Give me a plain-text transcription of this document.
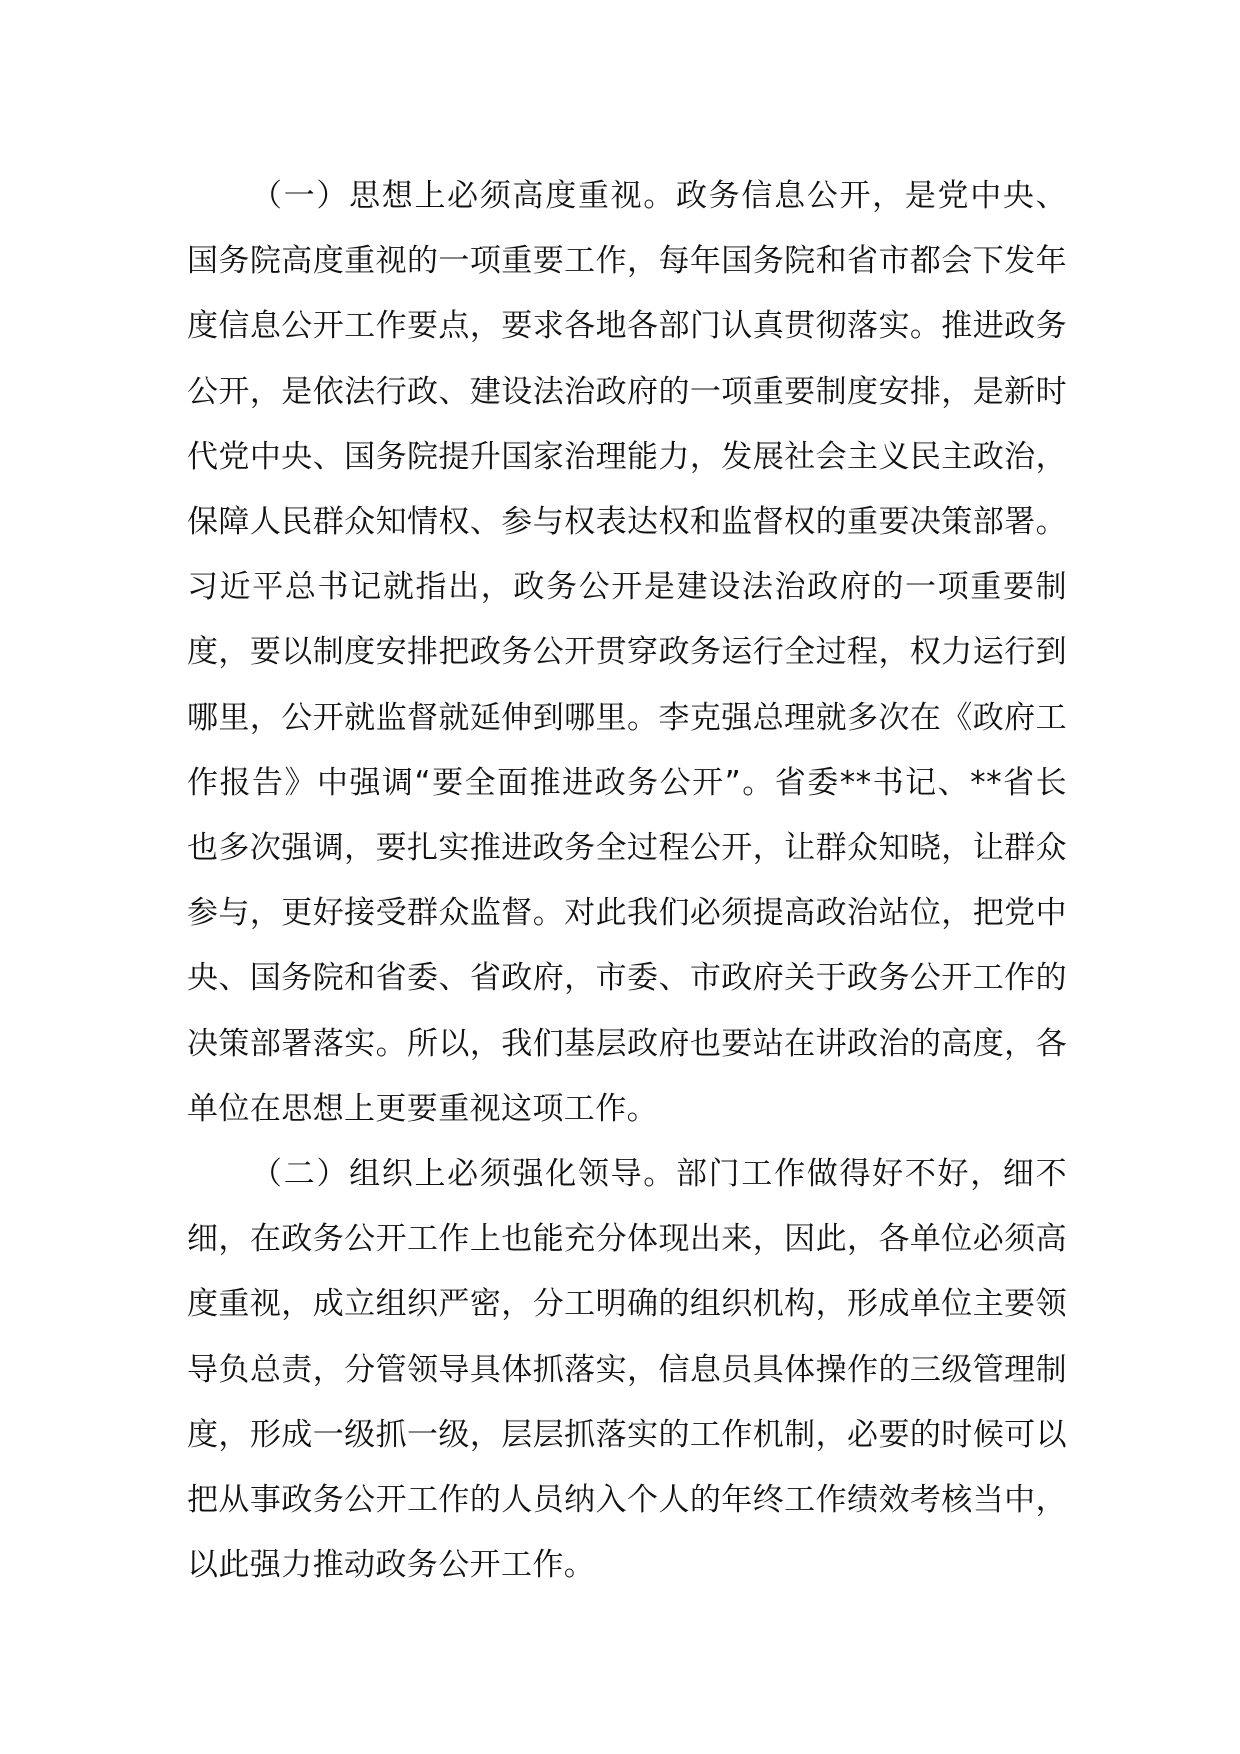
（一）思想上必须高度重视。政务信息公开，是党中央、国务院高度重视的一项重要工作，每年国务院和省市都会下发年度信息公开工作要点，要求各地各部门认真贯彻落实。推进政务公开，是依法行政、建设法治政府的一项重要制度安排，是新时代党中央、国务院提升国家治理能力，发展社会主义民主政治，保障人民群众知情权、参与权表达权和监督权的重要决策部署。习近平总书记就指出，政务公开是建设法治政府的一项重要制度，要以制度安排把政务公开贯穿政务运行全过程，权力运行到哪里，公开就监督就延伸到哪里。李克强总理就多次在《政府工作报告》中强调“要全面推进政务公开”。省委**书记、**省长也多次强调，要扎实推进政务全过程公开，让群众知晓，让群众参与，更好接受群众监督。对此我们必须提高政治站位，把党中央、国务院和省委、省政府，市委、市政府关于政务公开工作的决策部署落实。所以，我们基层政府也要站在讲政治的高度，各单位在思想上更要重视这项工作。

（二）组织上必须强化领导。部门工作做得好不好，细不细，在政务公开工作上也能充分体现出来，因此，各单位必须高度重视，成立组织严密，分工明确的组织机构，形成单位主要领导负总责，分管领导具体抓落实，信息员具体操作的三级管理制度，形成一级抓一级，层层抓落实的工作机制，必要的时候可以把从事政务公开工作的人员纳入个人的年终工作绩效考核当中，以此强力推动政务公开工作。
